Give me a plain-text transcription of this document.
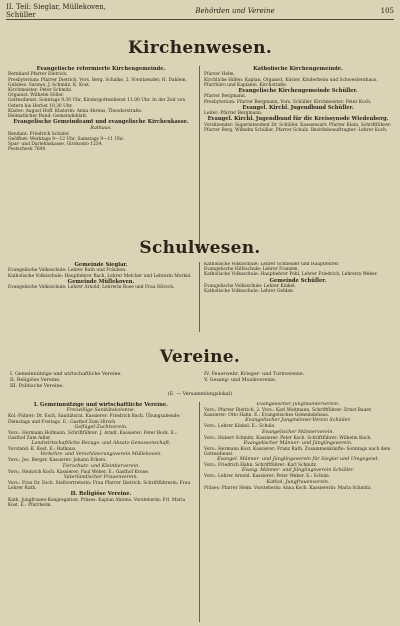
II. Teil: Sieglar, Müllekoven, Schüller	Behörden und Vereine	105
Kirchenwesen.

Evangelische reformierte Kirchengemeinde.

Bernhard Pfarrer Dietrich.

Presbyterium: Pfarrer Dietrich, Vors. Berg. Schalke, 2. Vorsitzender, H. Dahlem, Gutsbes. Saraws, J. Schmitz, K. Kost.

Kirchmeister: Peter Schmitz.

Organist: Wilhelm Söller.

Gottesdienst: Sonntags 9.30 Uhr, Kindergottesdienst 11.00 Uhr. In der Zeit von Ostern bis Herbst 10.30 Uhr.

Küster: August Hoff. Küsterin: Anna Ahrens, Theodorstraße.

Heimatlicher Bund: Gemeindeblatt.

Evangelische Gemeindeamt und evangelische Kirchenkasse.

Rathaus.

Rendant: Friedrich Schäfer.

Geöffnet: Werktags 9—12 Uhr, Samstags 9—11 Uhr.

Spar- und Darlehnskasse, Girokonto 1234.

Postscheck 7640.

Katholische Kirchengemeinde.

Pfarrer Helm.

Kirchliche Hilfen: Kaplan, Organist, Küster. Kinderheim und Schwesternhaus.

Pfarrbüro und Kaplanei, Kirchstraße.

Evangelische Kirchengemeinde Schüller.

Pfarrer Bergmann.

Presbyterium: Pfarrer Bergmann, Vors. Schüller. Kirchmeister: Peter Koch.

Evangel. Kirchl. Jugendbund Schüller.

Leiter: Pfarrer Bergmann.

Evangel. Kirchl. Jugendbund für die Kreissynode Wiedenberg.

Vorsitzender: Superintendent Dr. Schüller. Kassenwart: Pfarrer Klein. Schriftführer: Pfarrer Berg, Wilhelm Schüller, Pfarrer Schulz. Bezirksbeauftragter: Lehrer Koch.

Schulwesen.

Gemeinde Sieglar.

Evangelische Volksschule: Lehrer Rath und Fräulein.

Katholische Volksschule: Hauptlehrer Bach, Lehrer Melcher und Lehrerin Morkel.

Gemeinde Müllekoven.

Evangelische Volksschule: Lehrer Arnold, Lehrerin Rose und Frau Hörsch.

Katholische Volksschule: Lehrer Schneider und Hauptlehrer.

Evangelische Hilfsschule: Lehrer Franzen.

Katholische Volksschule: Hauptlehrer Pohl, Lehrer Friedrich, Lehrerin Weber.

Gemeinde Schüller.

Evangelische Volksschule: Lehrer Kinkel.

Katholische Volksschule: Lehrer Gehlen.

Vereine.
I. Gemeinnützige und wirtschaftliche Vereine.
II. Religiöse Vereine.
III. Politische Vereine.
IV. Feuerwehr, Krieger- und Turnvereine.
V. Gesang- und Musikvereine.
(E. — Versammlungslokal)

I. Gemeinnützige und wirtschaftliche Vereine.

Freiwillige Sanitätskolonne.

Kol.-Führer: Dr. Esch, Sanitätsrat. Kassierer: Friedrich Bach. Übungsabende: Dienstags und Freitags. E.: Gasthof Zum Hirsch.

Geflügel-Zuchtverein.

Vors.: Hermann Hofmann, Schriftführer: J. Arndt. Kassierer: Peter Bock. E.: Gasthof Zum Adler.

Landwirtschaftliche Bezugs- und Absatz-Genossenschaft.

Vorstand: K. Kost. E.: Rathaus.

Verkehrs- und Verschönerungsverein Müllekoven.

Vors.: Jos. Berger. Kassierer: Johann Erbers.

Tierschutz- und Kleintierverein.

Vors.: Heinrich Koch. Kassierer: Paul Weber. E.: Gasthof Krone.

Vaterländischer Frauenverein.

Vors.: Frau Dr. Esch. Stellvertreterin: Frau Pfarrer Dietrich. Schriftführerin: Frau Lehrer Rath.

II. Religiöse Vereine.

Kath. Jungfrauen-Kongregation. Präses: Kaplan Ahrens. Vorsteherin: Frl. Maria Kost. E.: Pfarrheim.

Evangelischer Jungmännerverein.

Vors.: Pfarrer Dietrich. 2. Vors.: Karl Weitmann. Schriftführer: Ernst Bauer. Kassierer: Otto Hahn. E.: Evangelisches Gemeindehaus.

Evangelischer Jungmänner-Verein Schüller.

Vors.: Lehrer Kinkel. E.: Schule.

Evangelischer Männerverein.

Vors.: Hubert Schmitz. Kassierer: Peter Koch. Schriftführer: Wilhelm Bach.

Evangelischer Männer- und Jünglingsverein.

Vors.: Hermann Kost. Kassierer: Franz Rath. Zusammenkünfte: Sonntags nach dem Gottesdienst.

Evangel. Männer- und Jünglingsverein für Sieglar und Umgegend.

Vors.: Friedrich Hahn. Schriftführer: Karl Schmitz.

Evang. Männer- und Jünglingsverein Schüller.

Vors.: Lehrer Arnold. Kassierer: Peter Weber. E.: Schule.

Kathol. Jungfrauenverein.

Präses: Pfarrer Helm. Vorsteherin: Anna Koch. Kassiererin: Maria Schmitz.
